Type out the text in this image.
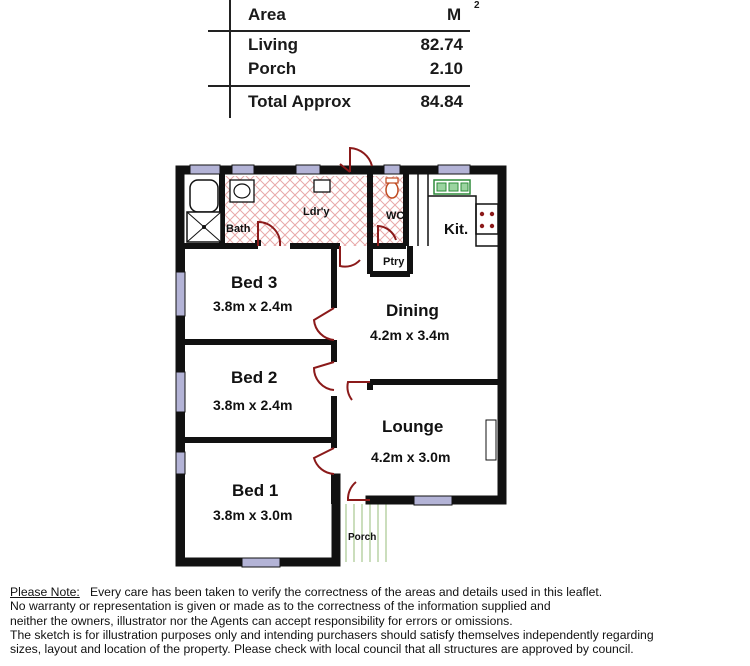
Area	M 2
Living	82.74
Porch	2.10
Total Approx	84.84
Bath
Ldr'y	WC
Ptry
Kit.
Bed 3
3.8m x 2.4m	Dining
4.2m x 3.4m
Bed 2
3.8m x 2.4m
Lounge
4.2m x 3.0m
Bed 1
3.8m x 3.0m
Porch
Please Note: Every care has been taken to verify the correctness of the areas and details used in this leaflet.
No warranty or representation is given or made as to the correctness of the information supplied and
neither the owners, illustrator nor the Agents can accept responsibility for errors or omissions.
The sketch is for illustration purposes only and intending purchasers should satisfy themselves independently regarding
sizes, layout and location of the property. Please check with local council that all structures are approved by council.
